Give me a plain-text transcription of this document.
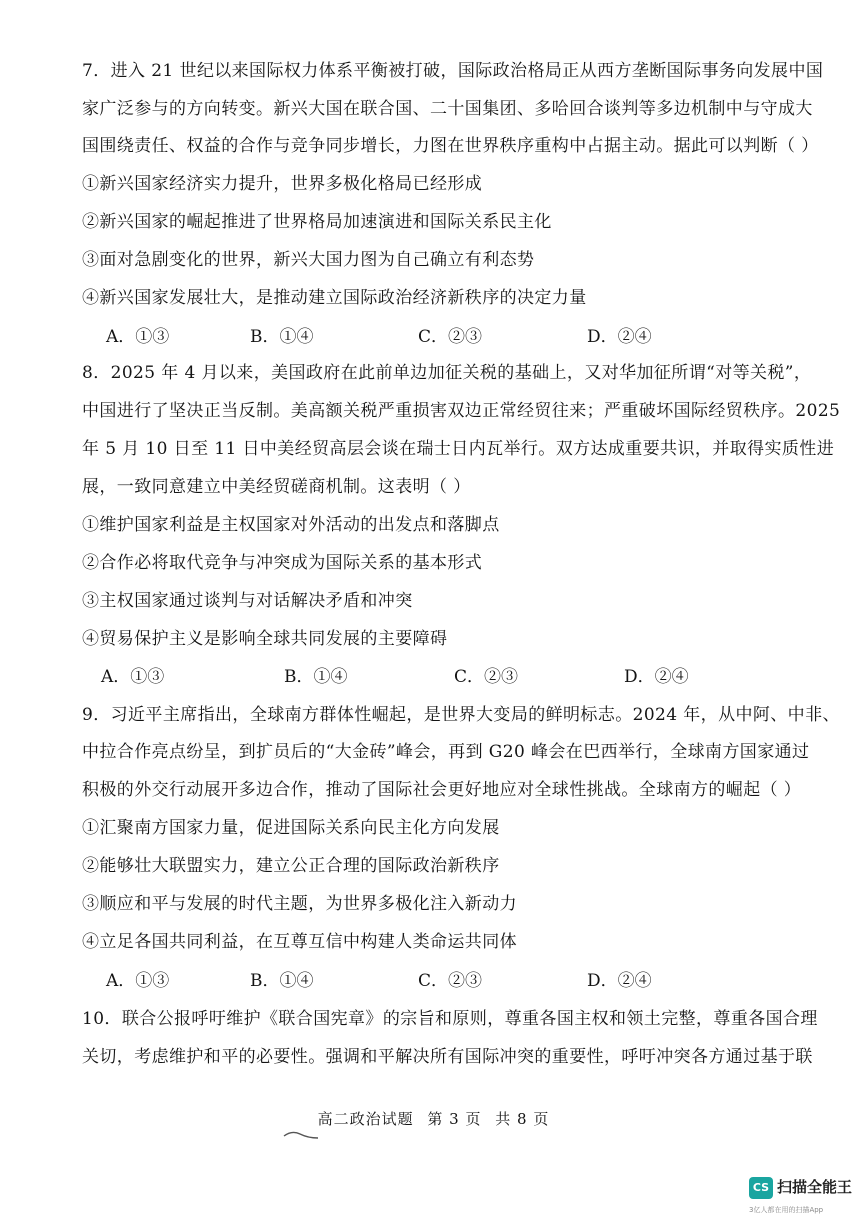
7．进入 21 世纪以来国际权力体系平衡被打破，国际政治格局正从西方垄断国际事务向发展中国
家广泛参与的方向转变。新兴大国在联合国、二十国集团、多哈回合谈判等多边机制中与守成大
国围绕责任、权益的合作与竞争同步增长，力图在世界秩序重构中占据主动。据此可以判断（ ）
①新兴国家经济实力提升，世界多极化格局已经形成
②新兴国家的崛起推进了世界格局加速演进和国际关系民主化
③面对急剧变化的世界，新兴大国力图为自己确立有利态势
④新兴国家发展壮大，是推动建立国际政治经济新秩序的决定力量
A．①③	B．①④	C．②③	D．②④
8．2025 年 4 月以来，美国政府在此前单边加征关税的基础上，又对华加征所谓“对等关税”，
中国进行了坚决正当反制。美高额关税严重损害双边正常经贸往来；严重破坏国际经贸秩序。2025
年 5 月 10 日至 11 日中美经贸高层会谈在瑞士日内瓦举行。双方达成重要共识，并取得实质性进
展，一致同意建立中美经贸磋商机制。这表明（ ）
①维护国家利益是主权国家对外活动的出发点和落脚点
②合作必将取代竞争与冲突成为国际关系的基本形式
③主权国家通过谈判与对话解决矛盾和冲突
④贸易保护主义是影响全球共同发展的主要障碍
A．①③	B．①④	C．②③	D．②④
9．习近平主席指出，全球南方群体性崛起，是世界大变局的鲜明标志。2024 年，从中阿、中非、
中拉合作亮点纷呈，到扩员后的“大金砖”峰会，再到 G20 峰会在巴西举行，全球南方国家通过
积极的外交行动展开多边合作，推动了国际社会更好地应对全球性挑战。全球南方的崛起（ ）
①汇聚南方国家力量，促进国际关系向民主化方向发展
②能够壮大联盟实力，建立公正合理的国际政治新秩序
③顺应和平与发展的时代主题，为世界多极化注入新动力
④立足各国共同利益，在互尊互信中构建人类命运共同体
A．①③	B．①④	C．②③	D．②④
10．联合公报呼吁维护《联合国宪章》的宗旨和原则，尊重各国主权和领土完整，尊重各国合理
关切，考虑维护和平的必要性。强调和平解决所有国际冲突的重要性，呼吁冲突各方通过基于联
高二政治试题 第 3 页 共 8 页
CS 扫描全能王
3亿人都在用的扫描App
